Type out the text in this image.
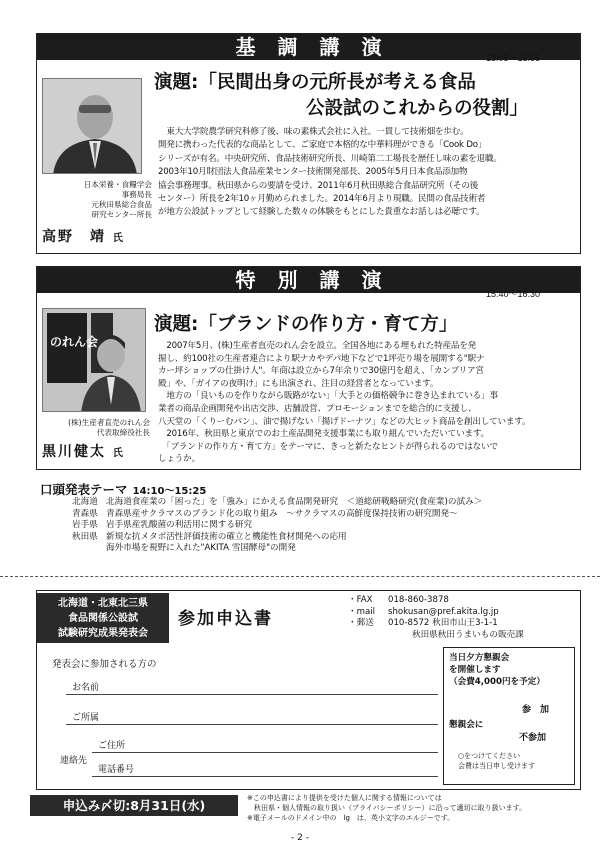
基調講演	13:05～13:55
日本栄養・食糧学会
事務局長
元秋田県総合食品
研究センター所長
高野　靖 氏
演題:「民間出身の元所長が考える食品
公設試のこれからの役割」
　東大大学院農学研究科修了後、味の素株式会社に入社。一貫して技術畑を歩む。
開発に携わった代表的な商品として、ご家庭で本格的な中華料理ができる「Cook Do」
シリーズが有名。中央研究所、食品技術研究所長、川崎第二工場長を歴任し味の素を退職。
2003年10月財団法人食品産業センター技術開発部長、2005年5月日本食品添加物
協会事務理事。秋田県からの要請を受け、2011年6月秋田県総合食品研究所（その後
センター）所長を2年10ヶ月勤められました。2014年6月より現職。民間の食品技術者
が地方公設試トップとして経験した数々の体験をもとにした貴重なお話しは必聴です。
特別講演
15:40～16:30
のれん会
(株)生産者直売のれん会
代表取締役社長
黒川健太 氏
演題:「ブランドの作り方・育て方」
　2007年5月、(株)生産者直売のれん会を設立。全国各地にある埋もれた特産品を発
掘し、約100社の生産者連合により駅ナカやデパ地下などで1坪売り場を展開する"駅ナ
カー坪ショップの仕掛け人"。年商は設立から7年余りで30億円を超え、「カンブリア宮
殿」や、「ガイアの夜明け」にも出演され、注目の経営者となっています。
　地方の「良いものを作りながら販路がない」「大手との価格競争に巻き込まれている」事
業者の商品企画開発や出店交渉、店舗設営、プロモーションまでを総合的に支援し、
八天堂の「くりーむパン」、油で揚げない「揚げドーナツ」などの大ヒット商品を創出しています。
　2016年、秋田県と東京でのお土産品開発支援事業にも取り組んでいただいています。
　「ブランドの作り方・育て方」をテーマに、きっと新たなヒントが得られるのではないで
しょうか。
口頭発表テーマ 14:10～15:25
北海道 北海道食産業の「困った」を「強み」にかえる食品開発研究　＜道総研戦略研究(食産業)の試み＞
青森県 青森県産サクラマスのブランド化の取り組み　～サクラマスの高鮮度保持技術の研究開発～
岩手県 岩手県産乳酸菌の利活用に関する研究
秋田県 新規な抗メタボ活性評価技術の確立と機能性食材開発への応用
海外市場を視野に入れた"AKITA 雪国酵母"の開発
北海道・北東北三県
食品関係公設試
試験研究成果発表会
参加申込書
・FAX 018-860-3878
・mail shokusan@pref.akita.lg.jp
・郵送 010-8572 秋田市山王3-1-1
秋田県秋田うまいもの販売課
発表会に参加される方の
お名前
ご所属
連絡先
ご住所
電話番号
当日夕方懇親会
を開催します
（会費4,000円を予定）
懇親会に
参　加
不参加
○をつけてください
会費は当日申し受けます
申込み〆切:8月31日(水)	※この申込書により提供を受けた個人に関する情報については
　秋田県・個人情報の取り扱い（プライバシーポリシー）に沿って適切に取り扱います。
※電子メールのドメイン中の　lg　は、英小文字のエルジーです。
- 2 -
